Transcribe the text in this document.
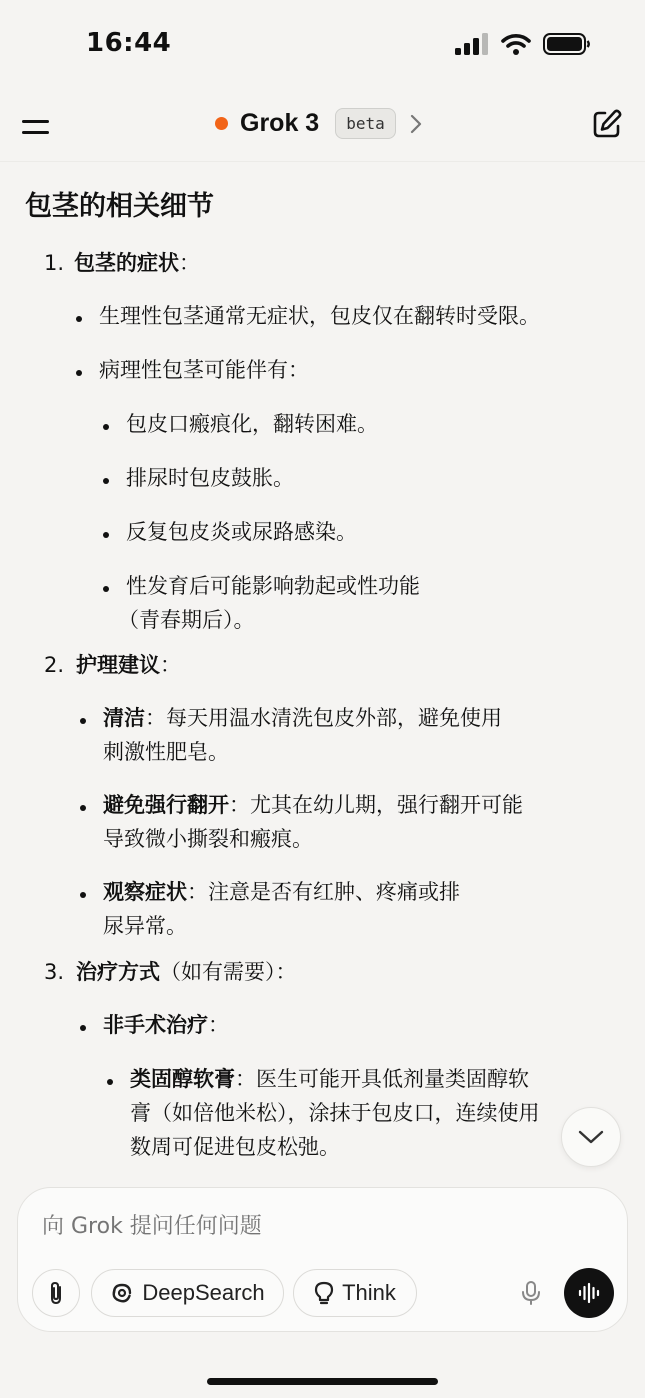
16:44
Grok 3	beta
包茎的相关细节
1. 包茎的症状：
生理性包茎通常无症状，包皮仅在翻转时受限。
病理性包茎可能伴有：
包皮口瘢痕化，翻转困难。
排尿时包皮鼓胀。
反复包皮炎或尿路感染。
性发育后可能影响勃起或性功能
（青春期后）。
2. 护理建议：
清洁：每天用温水清洗包皮外部，避免使用
刺激性肥皂。
避免强行翻开：尤其在幼儿期，强行翻开可能
导致微小撕裂和瘢痕。
观察症状：注意是否有红肿、疼痛或排
尿异常。
3. 治疗方式（如有需要）：
非手术治疗：
类固醇软膏：医生可能开具低剂量类固醇软
膏（如倍他米松），涂抹于包皮口，连续使用
数周可促进包皮松弛。
向 Grok 提问任何问题
DeepSearch	Think
